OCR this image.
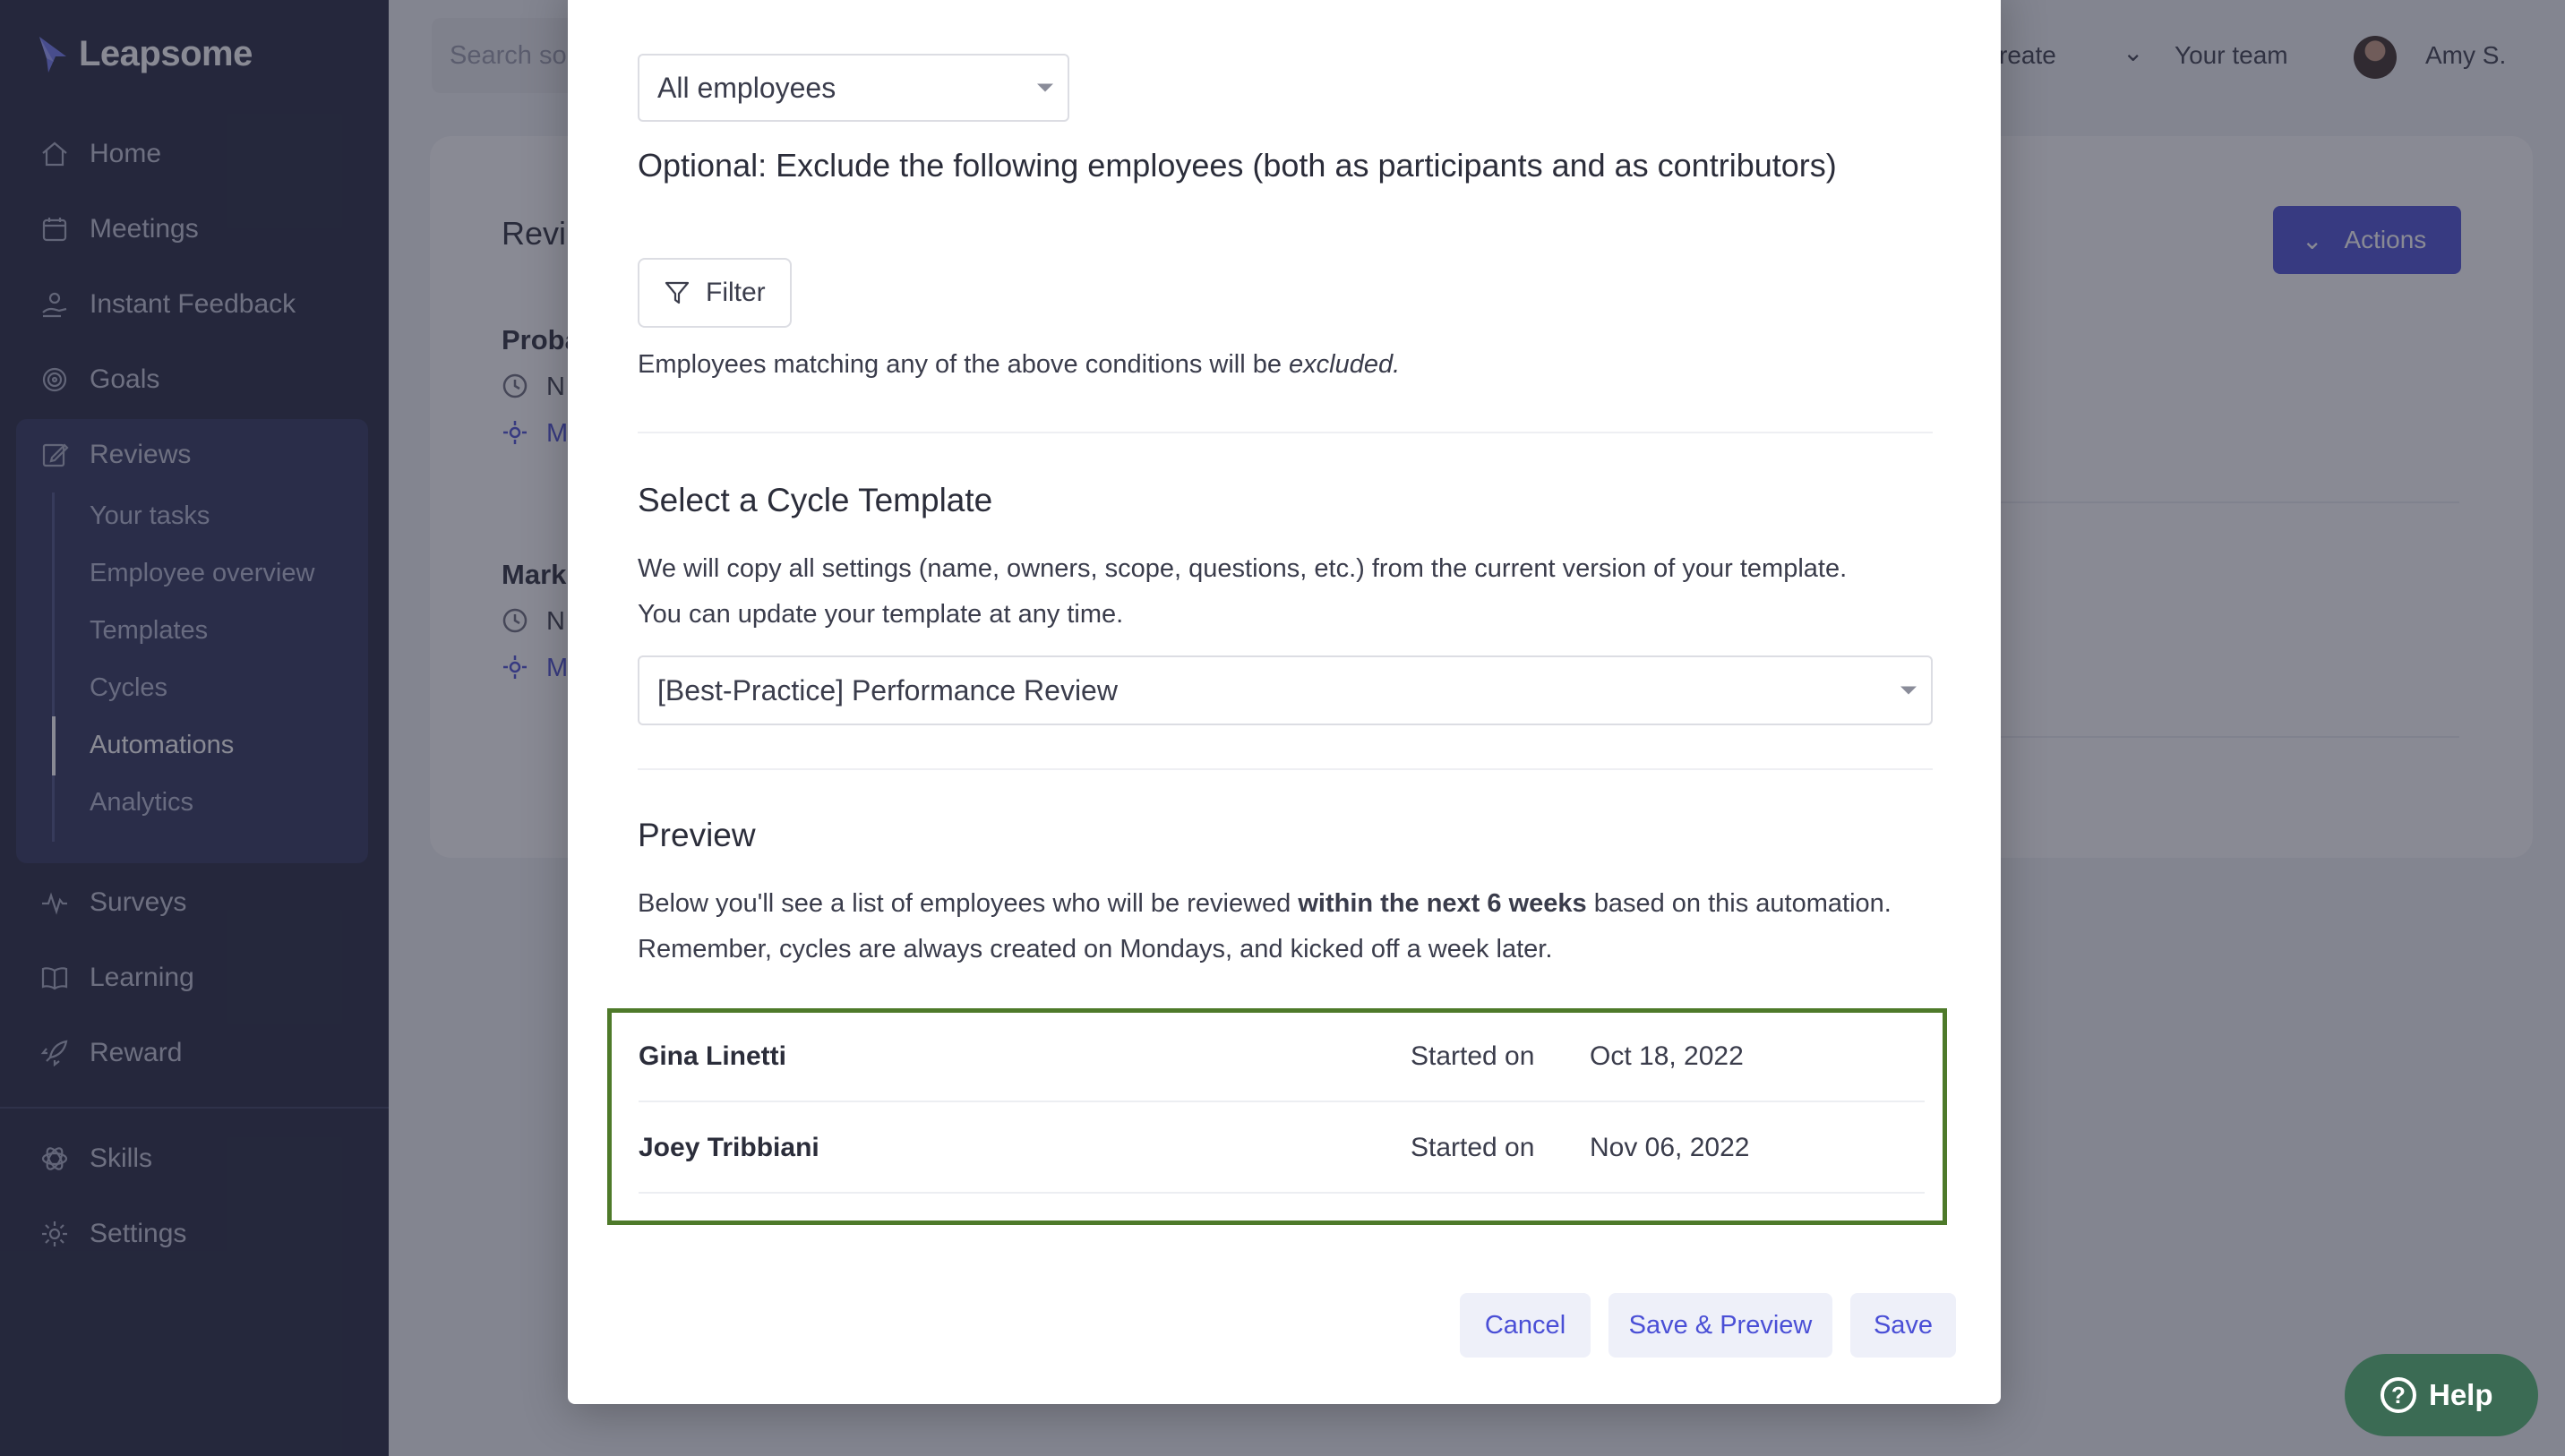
All employees
Optional: Exclude the following employees (both as participants and as contributors)
Filter
Employees matching any of the above conditions will be excluded.
Select a Cycle Template
We will copy all settings (name, owners, scope, questions, etc.) from the current version of your template.
You can update your template at any time.
[Best-Practice] Performance Review
Preview
Below you'll see a list of employees who will be reviewed within the next 6 weeks based on this automation.
Remember, cycles are always created on Mondays, and kicked off a week later.
Gina Linetti	Started on Oct 18, 2022
Joey Tribbiani	Started on Nov 06, 2022
Cancel	Save & Preview	Save
? Help
